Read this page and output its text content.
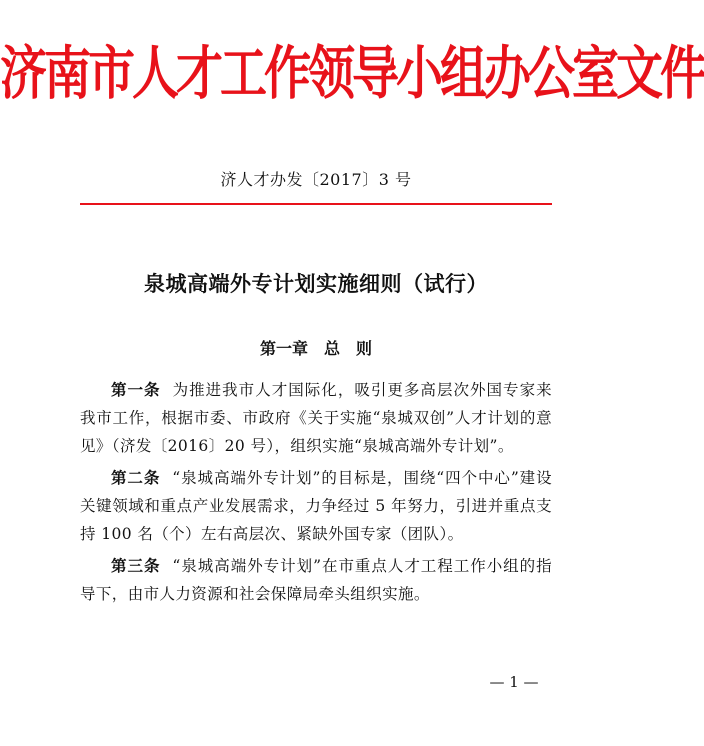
济南市人才工作领导小组办公室文件
济人才办发〔2017〕3 号
泉城高端外专计划实施细则（试行）
第一章　总　则

第一条 为推进我市人才国际化，吸引更多高层次外国专家来我市工作，根据市委、市政府《关于实施“泉城双创”人才计划的意见》（济发〔2016〕20 号），组织实施“泉城高端外专计划”。

第二条 “泉城高端外专计划”的目标是，围绕“四个中心”建设关键领域和重点产业发展需求，力争经过 5 年努力，引进并重点支持 100 名（个）左右高层次、紧缺外国专家（团队）。

第三条 “泉城高端外专计划”在市重点人才工程工作小组的指导下，由市人力资源和社会保障局牵头组织实施。

— 1 —
